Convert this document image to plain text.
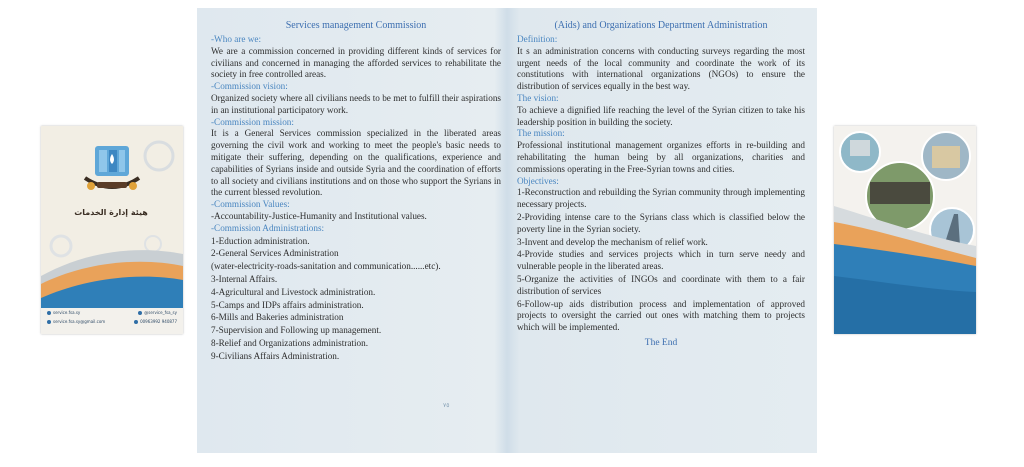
هيئة إدارة الخدمات
service.fsa.sy	@service_fsa_sy
service.fsa.sy@gmail.com	00963992 940877
Services management Commission
-Who are we:
We are a commission concerned in providing different kinds of services for civilians and concerned in managing the afforded services to rehabilitate the society in free controlled areas.
-Commission vision:
Organized society where all civilians needs to be met to fulfill their aspirations in an institutional participatory work.
-Commission mission:
It is a General Services commission specialized in the liberated areas governing the civil work and working to meet the people's basic needs to mitigate their suffering, depending on the qualifications, experience and capabilities of Syrians inside and outside Syria and the coordination of efforts to all society and civilians institutions and on those who support the Syrians in the current blessed revolution.
-Commission Values:
-Accountability-Justice-Humanity and Institutional values.
-Commission Administrations:
1-Eduction administration.
2-General Services Administration
(water-electricity-roads-sanitation and communication......etc).
3-Internal Affairs.
4-Agricultural and Livestock administration.
5-Camps and IDPs affairs administration.
6-Mills and Bakeries administration
7-Supervision and Following up management.
8-Relief and Organizations administration.
9-Civilians Affairs Administration.
٧٥
(Aids) and Organizations Department Administration
Definition:
It s an administration concerns with conducting surveys regarding the most urgent needs of the local community and coordinate the work of its constitutions with international organizations (NGOs) to ensure the distribution of services equally in the best way.
The vision:
To achieve a dignified life reaching the level of the Syrian citizen to take his leadership position in building the society.
The mission:
Professional institutional management organizes efforts in re-building and rehabilitating the human being by all organizations, charities and commissions operating in the Free-Syrian towns and cities.
Objectives:
1-Reconstruction and rebuilding the Syrian community through implementing necessary projects.
2-Providing intense care to the Syrians class which is classified below the poverty line in the Syrian society.
3-Invent and develop the mechanism of relief work.
4-Provide studies and services projects which in turn serve needy and vulnerable people in the liberated areas.
5-Organize the activities of INGOs and coordinate with them to a fair distribution of services
6-Follow-up aids distribution process and implementation of approved projects to oversight the carried out ones with matching them to projects which will be implemented.
The End
